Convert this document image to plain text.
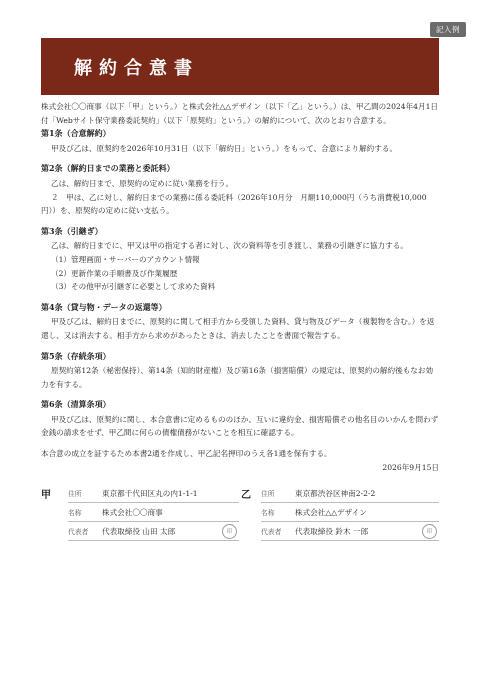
記入例
解約合意書

株式会社〇〇商事（以下「甲」という。）と株式会社△△デザイン（以下「乙」という。）は、甲乙間の2024年4月1日付「Webサイト保守業務委託契約」（以下「原契約」という。）の解約について、次のとおり合意する。

第1条（合意解約）

甲及び乙は、原契約を2026年10月31日（以下「解約日」という。）をもって、合意により解約する。

第2条（解約日までの業務と委託料）

乙は、解約日まで、原契約の定めに従い業務を行う。

２　甲は、乙に対し、解約日までの業務に係る委託料（2026年10月分　月額110,000円（うち消費税10,000円））を、原契約の定めに従い支払う。

第3条（引継ぎ）

乙は、解約日までに、甲又は甲の指定する者に対し、次の資料等を引き渡し、業務の引継ぎに協力する。

（1）管理画面・サーバーのアカウント情報

（2）更新作業の手順書及び作業履歴

（3）その他甲が引継ぎに必要として求めた資料

第4条（貸与物・データの返還等）

甲及び乙は、解約日までに、原契約に関して相手方から受領した資料、貸与物及びデータ（複製物を含む。）を返還し、又は消去する。相手方から求めがあったときは、消去したことを書面で報告する。

第5条（存続条項）

原契約第12条（秘密保持）、第14条（知的財産権）及び第16条（損害賠償）の規定は、原契約の解約後もなお効力を有する。

第6条（清算条項）

甲及び乙は、原契約に関し、本合意書に定めるもののほか、互いに違約金、損害賠償その他名目のいかんを問わず金銭の請求をせず、甲乙間に何らの債権債務がないことを相互に確認する。

本合意の成立を証するため本書2通を作成し、甲乙記名押印のうえ各1通を保有する。

2026年9月15日

甲	住所	東京都千代田区丸の内1-1-1
名称	株式会社〇〇商事
代表者	代表取締役 山田 太郎	印
乙 住所	東京都渋谷区神南2-2-2
名称	株式会社△△デザイン
代表者	代表取締役 鈴木 一郎	印
